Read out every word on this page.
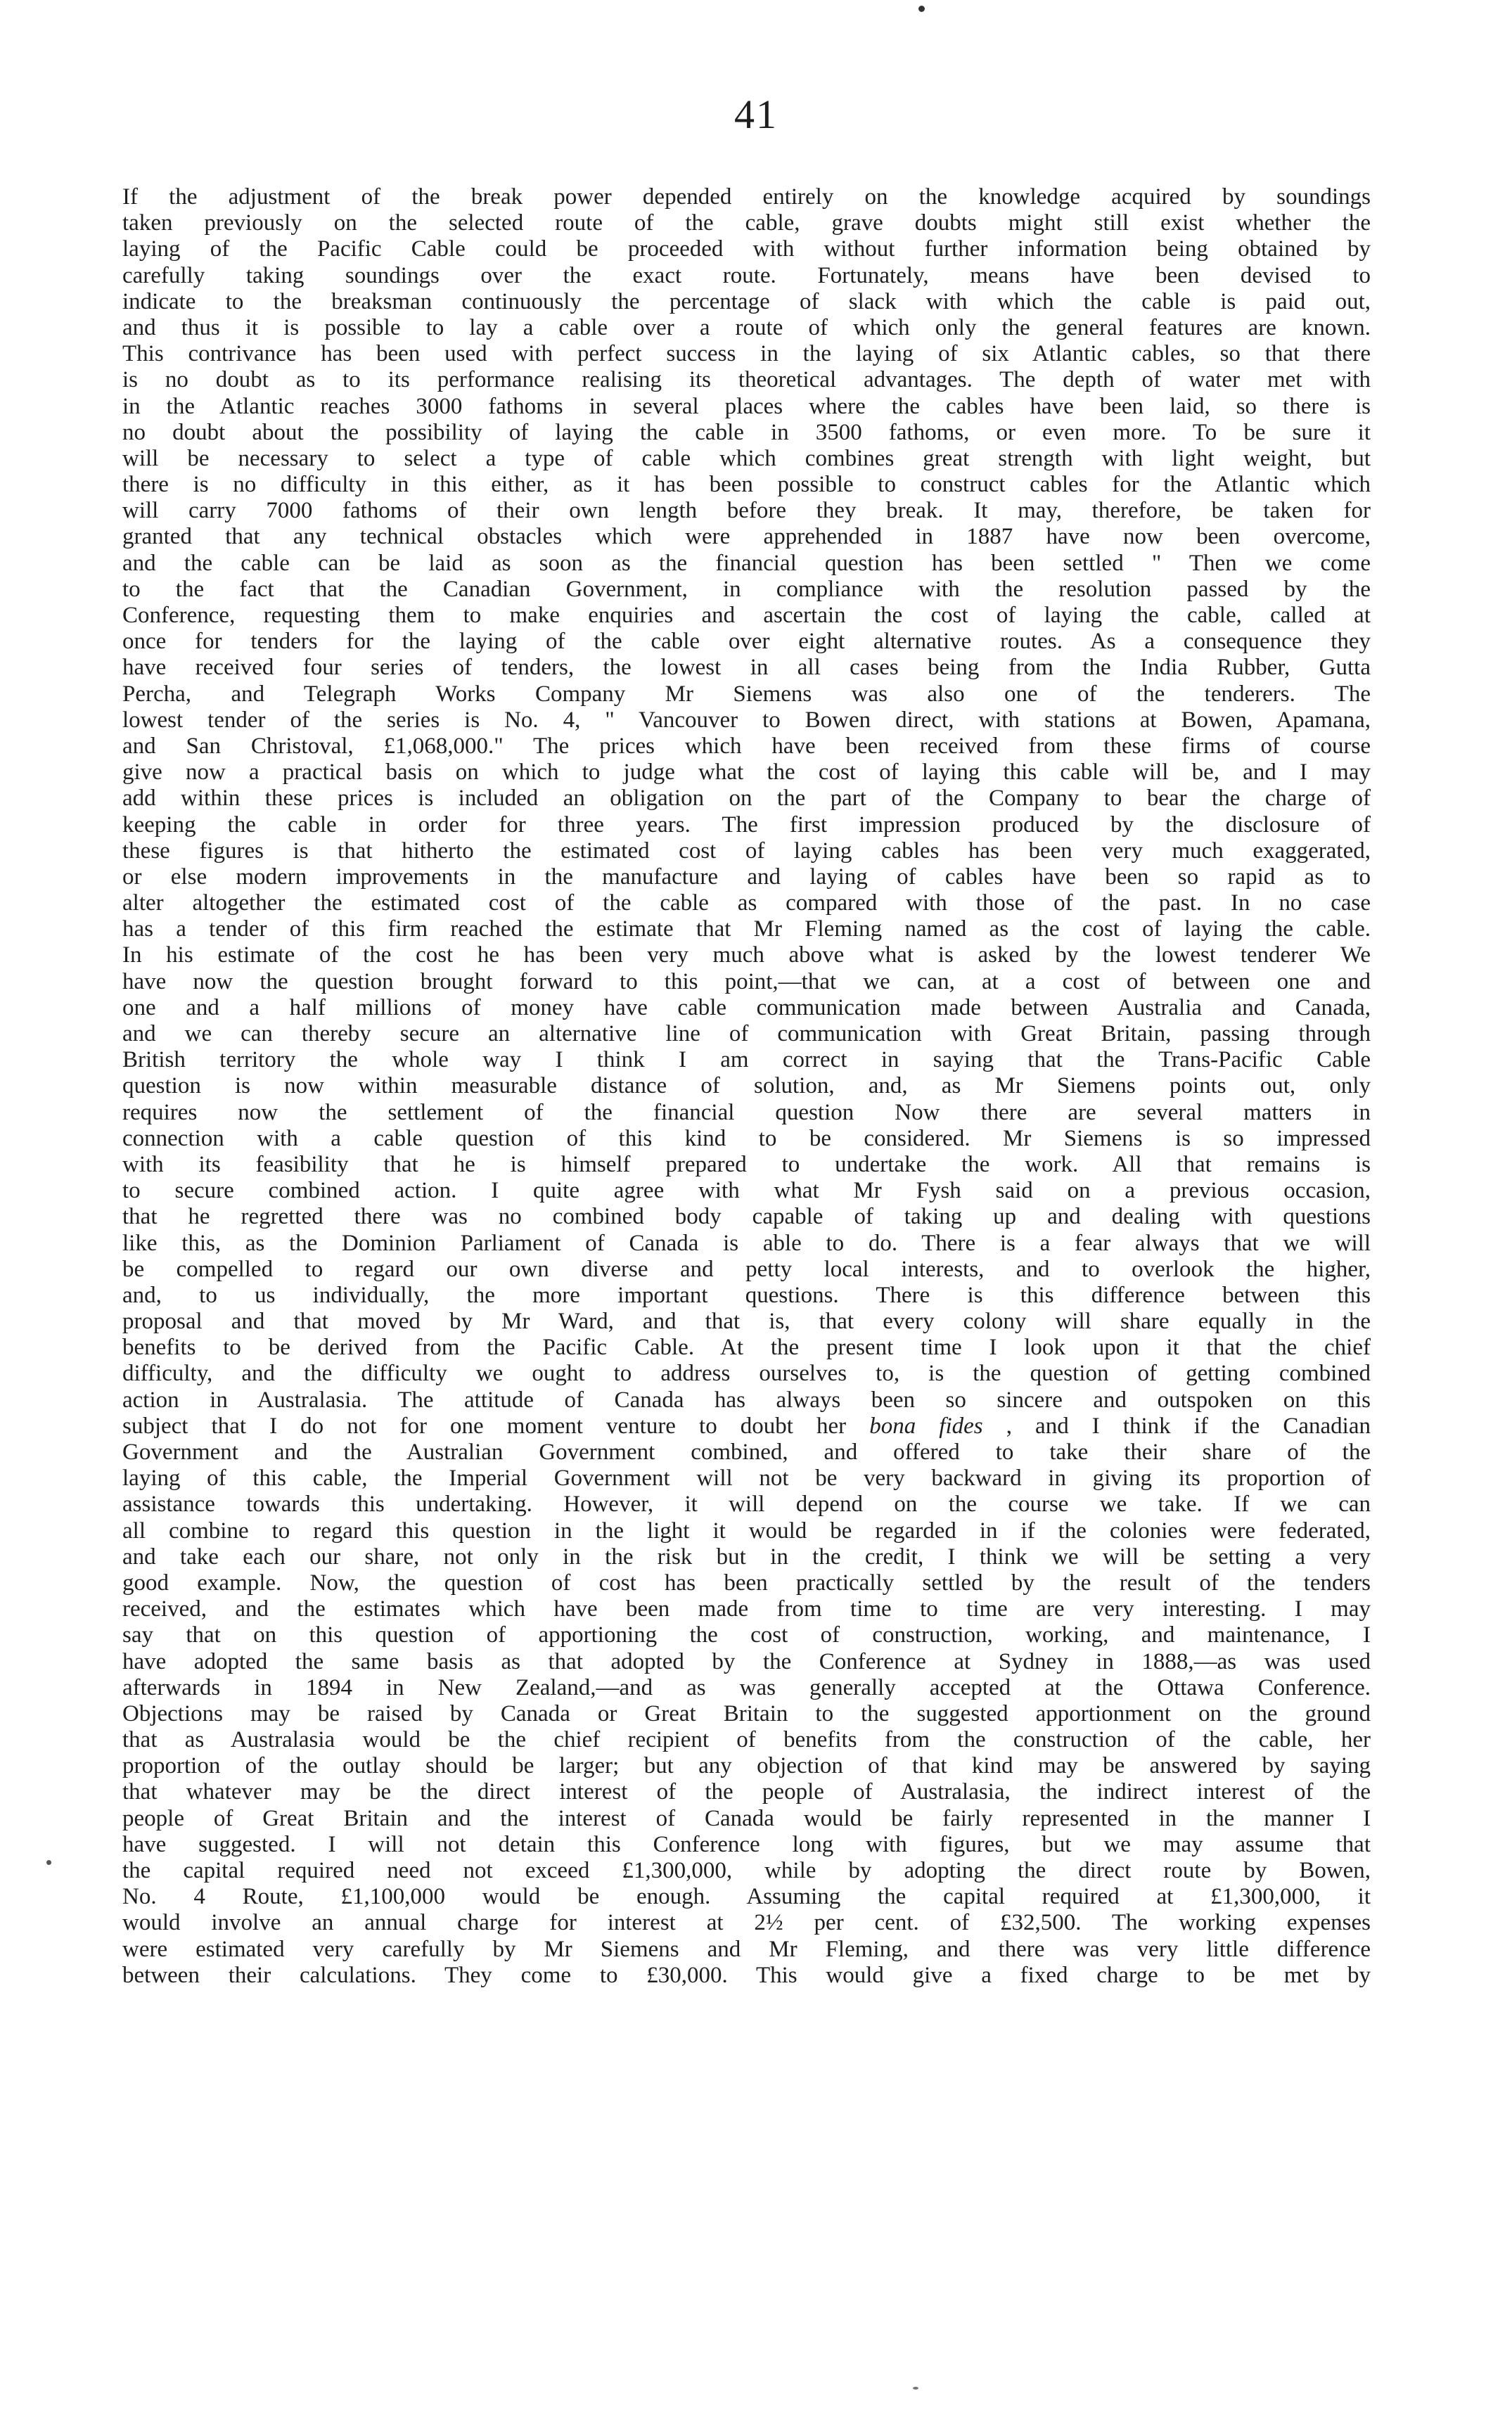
41
If the adjustment of the break power depended entirely on the knowledge acquired by soundings
taken previously on the selected route of the cable, grave doubts might still exist whether the
laying of the Pacific Cable could be proceeded with without further information being obtained by
carefully taking soundings over the exact route. Fortunately, means have been devised to
indicate to the breaksman continuously the percentage of slack with which the cable is paid out,
and thus it is possible to lay a cable over a route of which only the general features are known.
This contrivance has been used with perfect success in the laying of six Atlantic cables, so that there
is no doubt as to its performance realising its theoretical advantages. The depth of water met with
in the Atlantic reaches 3000 fathoms in several places where the cables have been laid, so there is
no doubt about the possibility of laying the cable in 3500 fathoms, or even more. To be sure it
will be necessary to select a type of cable which combines great strength with light weight, but
there is no difficulty in this either, as it has been possible to construct cables for the Atlantic which
will carry 7000 fathoms of their own length before they break. It may, therefore, be taken for
granted that any technical obstacles which were apprehended in 1887 have now been overcome,
and the cable can be laid as soon as the financial question has been settled " Then we come
to the fact that the Canadian Government, in compliance with the resolution passed by the
Conference, requesting them to make enquiries and ascertain the cost of laying the cable, called at
once for tenders for the laying of the cable over eight alternative routes. As a consequence they
have received four series of tenders, the lowest in all cases being from the India Rubber, Gutta
Percha, and Telegraph Works Company Mr Siemens was also one of the tenderers. The
lowest tender of the series is No. 4, " Vancouver to Bowen direct, with stations at Bowen, Apamana,
and San Christoval, £1,068,000." The prices which have been received from these firms of course
give now a practical basis on which to judge what the cost of laying this cable will be, and I may
add within these prices is included an obligation on the part of the Company to bear the charge of
keeping the cable in order for three years. The first impression produced by the disclosure of
these figures is that hitherto the estimated cost of laying cables has been very much exaggerated,
or else modern improvements in the manufacture and laying of cables have been so rapid as to
alter altogether the estimated cost of the cable as compared with those of the past. In no case
has a tender of this firm reached the estimate that Mr Fleming named as the cost of laying the cable.
In his estimate of the cost he has been very much above what is asked by the lowest tenderer We
have now the question brought forward to this point,—that we can, at a cost of between one and
one and a half millions of money have cable communication made between Australia and Canada,
and we can thereby secure an alternative line of communication with Great Britain, passing through
British territory the whole way I think I am correct in saying that the Trans-Pacific Cable
question is now within measurable distance of solution, and, as Mr Siemens points out, only
requires now the settlement of the financial question Now there are several matters in
connection with a cable question of this kind to be considered. Mr Siemens is so impressed
with its feasibility that he is himself prepared to undertake the work. All that remains is
to secure combined action. I quite agree with what Mr Fysh said on a previous occasion,
that he regretted there was no combined body capable of taking up and dealing with questions
like this, as the Dominion Parliament of Canada is able to do. There is a fear always that we will
be compelled to regard our own diverse and petty local interests, and to overlook the higher,
and, to us individually, the more important questions. There is this difference between this
proposal and that moved by Mr Ward, and that is, that every colony will share equally in the
benefits to be derived from the Pacific Cable. At the present time I look upon it that the chief
difficulty, and the difficulty we ought to address ourselves to, is the question of getting combined
action in Australasia. The attitude of Canada has always been so sincere and outspoken on this
subject that I do not for one moment venture to doubt her bona fides , and I think if the Canadian
Government and the Australian Government combined, and offered to take their share of the
laying of this cable, the Imperial Government will not be very backward in giving its proportion of
assistance towards this undertaking. However, it will depend on the course we take. If we can
all combine to regard this question in the light it would be regarded in if the colonies were federated,
and take each our share, not only in the risk but in the credit, I think we will be setting a very
good example. Now, the question of cost has been practically settled by the result of the tenders
received, and the estimates which have been made from time to time are very interesting. I may
say that on this question of apportioning the cost of construction, working, and maintenance, I
have adopted the same basis as that adopted by the Conference at Sydney in 1888,—as was used
afterwards in 1894 in New Zealand,—and as was generally accepted at the Ottawa Conference.
Objections may be raised by Canada or Great Britain to the suggested apportionment on the ground
that as Australasia would be the chief recipient of benefits from the construction of the cable, her
proportion of the outlay should be larger; but any objection of that kind may be answered by saying
that whatever may be the direct interest of the people of Australasia, the indirect interest of the
people of Great Britain and the interest of Canada would be fairly represented in the manner I
have suggested. I will not detain this Conference long with figures, but we may assume that
the capital required need not exceed £1,300,000, while by adopting the direct route by Bowen,
No. 4 Route, £1,100,000 would be enough. Assuming the capital required at £1,300,000, it
would involve an annual charge for interest at 2½ per cent. of £32,500. The working expenses
were estimated very carefully by Mr Siemens and Mr Fleming, and there was very little difference
between their calculations. They come to £30,000. This would give a fixed charge to be met by
